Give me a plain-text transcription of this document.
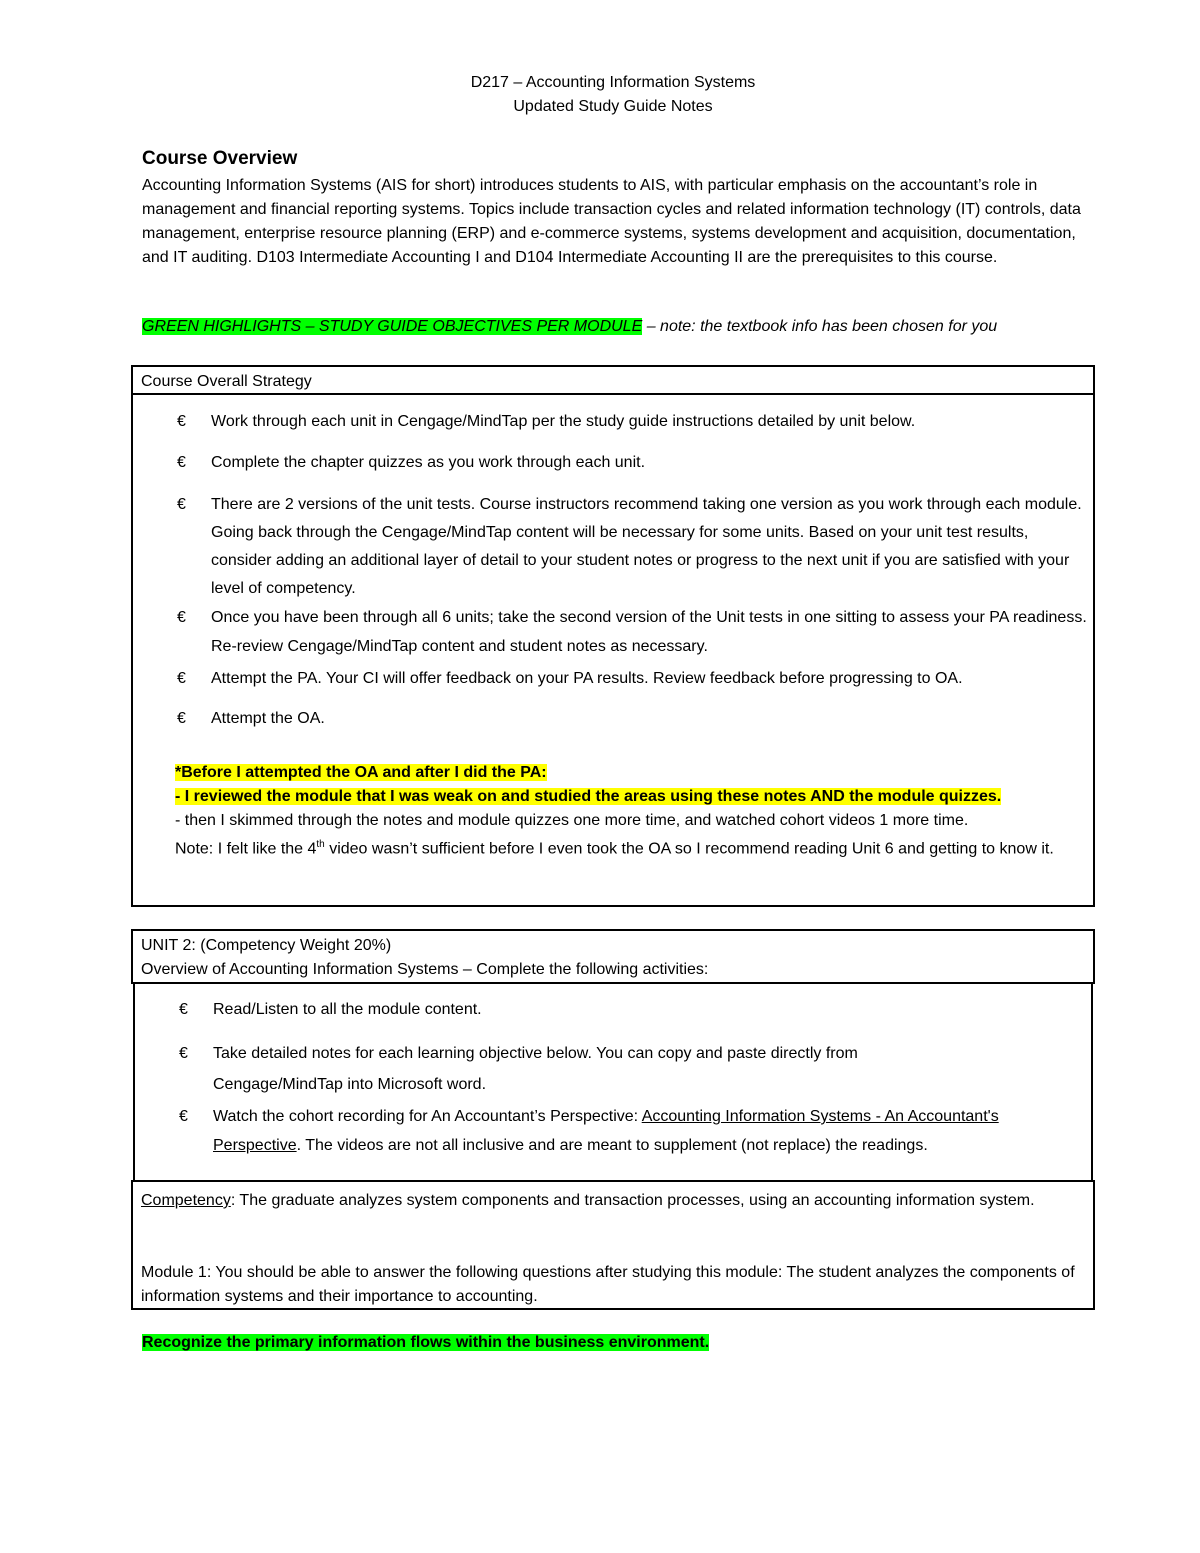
D217 – Accounting Information Systems
Updated Study Guide Notes
Course Overview
Accounting Information Systems (AIS for short) introduces students to AIS, with particular emphasis on the accountant’s role in management and financial reporting systems. Topics include transaction cycles and related information technology (IT) controls, data management, enterprise resource planning (ERP) and e-commerce systems, systems development and acquisition, documentation, and IT auditing. D103 Intermediate Accounting I and D104 Intermediate Accounting II are the prerequisites to this course.
GREEN HIGHLIGHTS – STUDY GUIDE OBJECTIVES PER MODULE – note: the textbook info has been chosen for you
Course Overall Strategy
€ Work through each unit in Cengage/MindTap per the study guide instructions detailed by unit below.
€ Complete the chapter quizzes as you work through each unit.
€ There are 2 versions of the unit tests. Course instructors recommend taking one version as you work through each module. Going back through the Cengage/MindTap content will be necessary for some units. Based on your unit test results, consider adding an additional layer of detail to your student notes or progress to the next unit if you are satisfied with your level of competency.
€ Once you have been through all 6 units; take the second version of the Unit tests in one sitting to assess your PA readiness. Re-review Cengage/MindTap content and student notes as necessary.
€ Attempt the PA. Your CI will offer feedback on your PA results. Review feedback before progressing to OA.
€ Attempt the OA.
*Before I attempted the OA and after I did the PA:
- I reviewed the module that I was weak on and studied the areas using these notes AND the module quizzes.
- then I skimmed through the notes and module quizzes one more time, and watched cohort videos 1 more time.
Note: I felt like the 4th video wasn’t sufficient before I even took the OA so I recommend reading Unit 6 and getting to know it.
UNIT 2: (Competency Weight 20%)
Overview of Accounting Information Systems – Complete the following activities:
€ Read/Listen to all the module content.
€ Take detailed notes for each learning objective below. You can copy and paste directly from Cengage/MindTap into Microsoft word.
€ Watch the cohort recording for An Accountant’s Perspective: Accounting Information Systems - An Accountant's Perspective. The videos are not all inclusive and are meant to supplement (not replace) the readings.
Competency: The graduate analyzes system components and transaction processes, using an accounting information system.
Module 1: You should be able to answer the following questions after studying this module: The student analyzes the components of information systems and their importance to accounting.
Recognize the primary information flows within the business environment.
